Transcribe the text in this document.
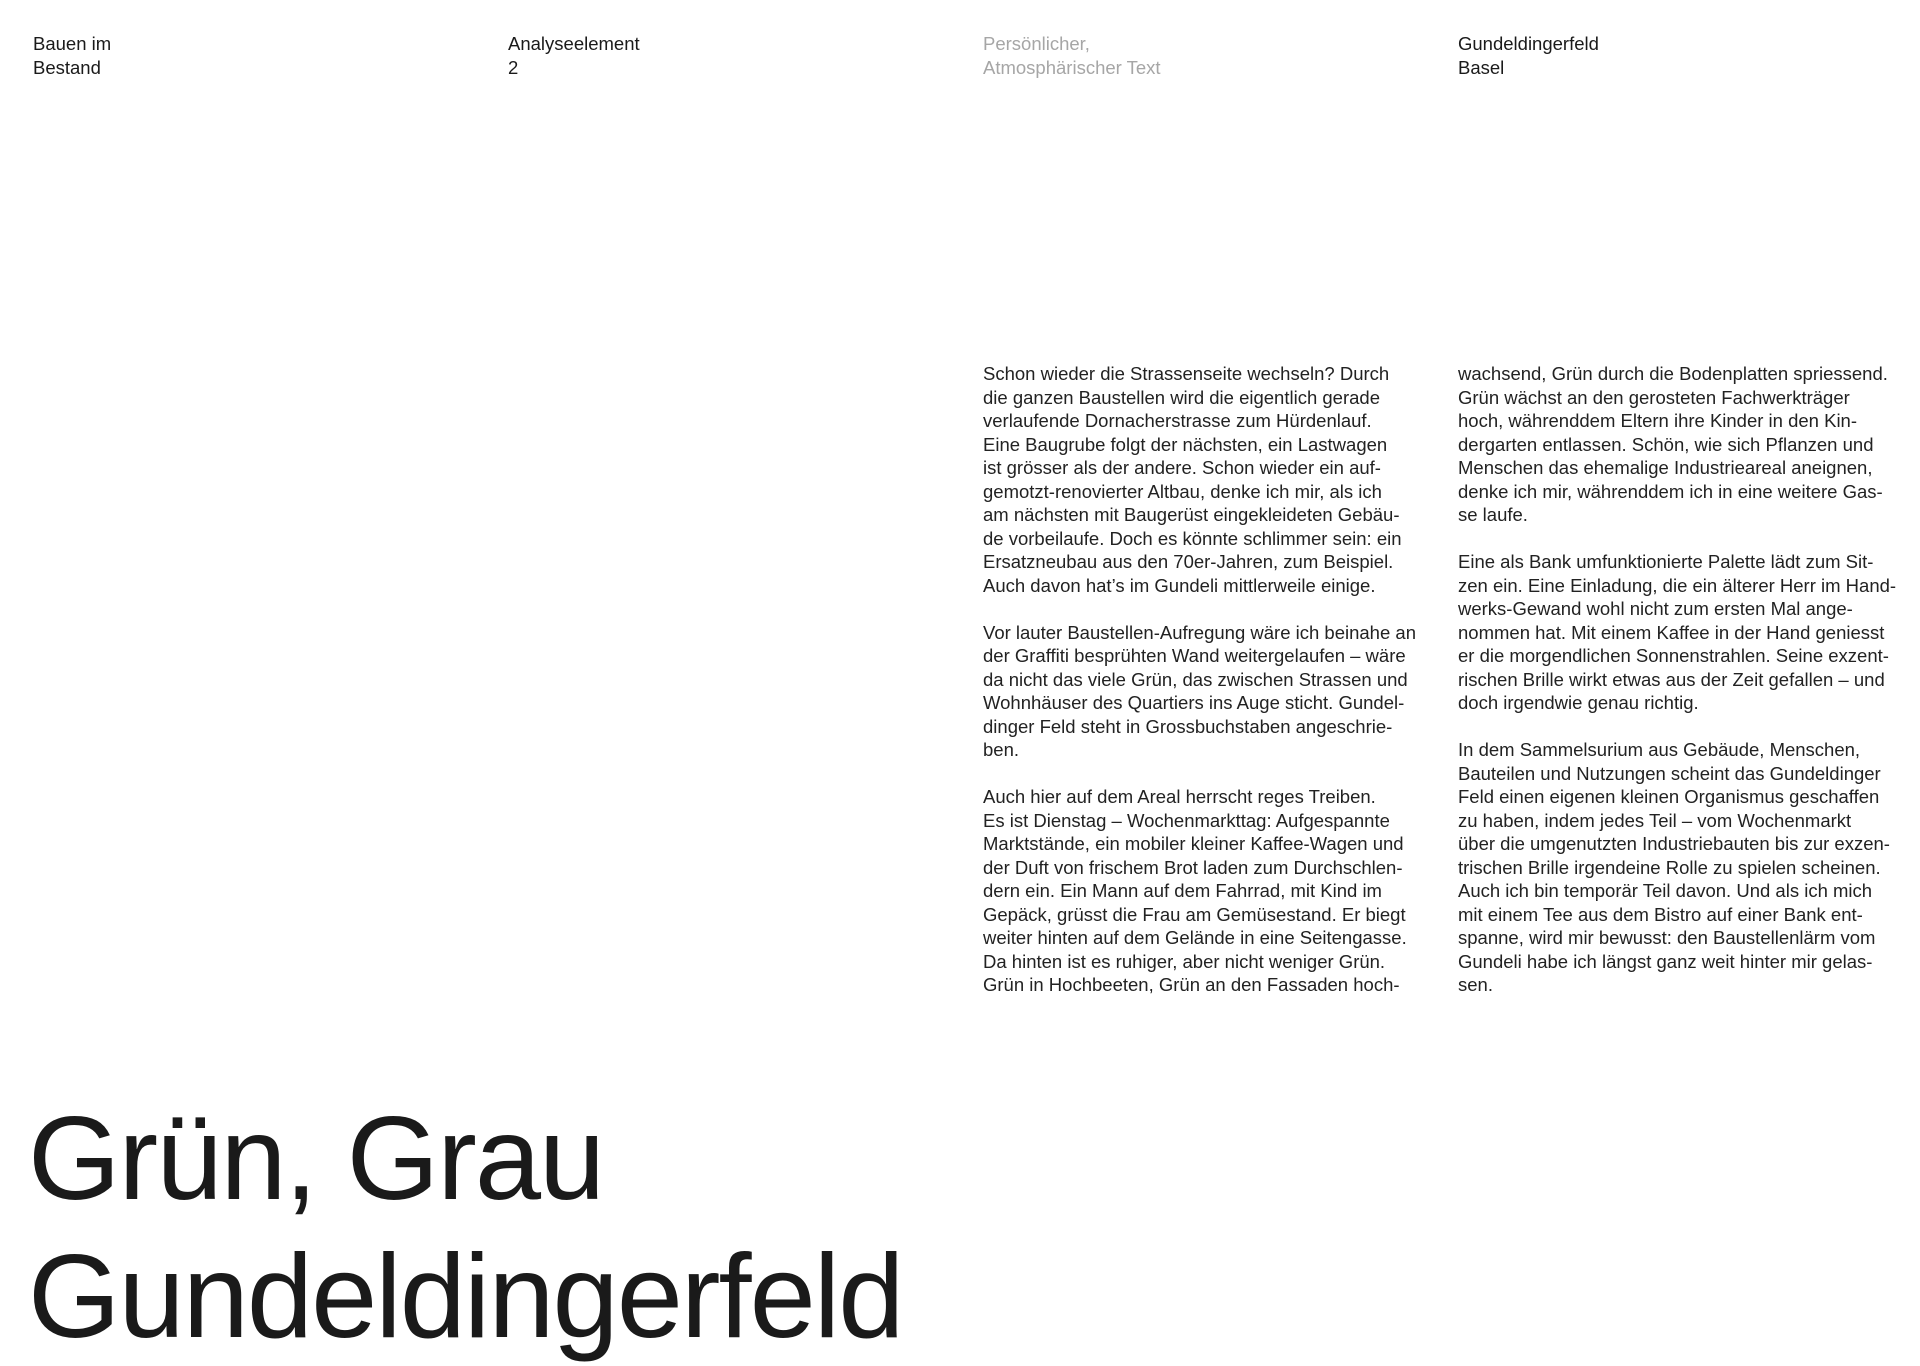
Bauen im
Bestand
Analyseelement
2
Persönlicher,
Atmosphärischer Text
Gundeldingerfeld
Basel

Schon wieder die Strassenseite wechseln? Durch
die ganzen Baustellen wird die eigentlich gerade
verlaufende Dornacherstrasse zum Hürdenlauf.
Eine Baugrube folgt der nächsten, ein Lastwagen
ist grösser als der andere. Schon wieder ein auf-
gemotzt-renovierter Altbau, denke ich mir, als ich
am nächsten mit Baugerüst eingekleideten Gebäu-
de vorbeilaufe. Doch es könnte schlimmer sein: ein
Ersatzneubau aus den 70er-Jahren, zum Beispiel.
Auch davon hat’s im Gundeli mittlerweile einige.

Vor lauter Baustellen-Aufregung wäre ich beinahe an
der Graffiti besprühten Wand weitergelaufen – wäre
da nicht das viele Grün, das zwischen Strassen und
Wohnhäuser des Quartiers ins Auge sticht. Gundel-
dinger Feld steht in Grossbuchstaben angeschrie-
ben.

Auch hier auf dem Areal herrscht reges Treiben.
Es ist Dienstag – Wochenmarkttag: Aufgespannte
Marktstände, ein mobiler kleiner Kaffee-Wagen und
der Duft von frischem Brot laden zum Durchschlen-
dern ein. Ein Mann auf dem Fahrrad, mit Kind im
Gepäck, grüsst die Frau am Gemüsestand. Er biegt
weiter hinten auf dem Gelände in eine Seitengasse.
Da hinten ist es ruhiger, aber nicht weniger Grün.
Grün in Hochbeeten, Grün an den Fassaden hoch-

wachsend, Grün durch die Bodenplatten spriessend.
Grün wächst an den gerosteten Fachwerkträger
hoch, währenddem Eltern ihre Kinder in den Kin-
dergarten entlassen. Schön, wie sich Pflanzen und
Menschen das ehemalige Industrieareal aneignen,
denke ich mir, währenddem ich in eine weitere Gas-
se laufe.

Eine als Bank umfunktionierte Palette lädt zum Sit-
zen ein. Eine Einladung, die ein älterer Herr im Hand-
werks-Gewand wohl nicht zum ersten Mal ange-
nommen hat. Mit einem Kaffee in der Hand geniesst
er die morgendlichen Sonnenstrahlen. Seine exzent-
rischen Brille wirkt etwas aus der Zeit gefallen – und
doch irgendwie genau richtig.

In dem Sammelsurium aus Gebäude, Menschen,
Bauteilen und Nutzungen scheint das Gundeldinger
Feld einen eigenen kleinen Organismus geschaffen
zu haben, indem jedes Teil – vom Wochenmarkt
über die umgenutzten Industriebauten bis zur exzen-
trischen Brille irgendeine Rolle zu spielen scheinen.
Auch ich bin temporär Teil davon. Und als ich mich
mit einem Tee aus dem Bistro auf einer Bank ent-
spanne, wird mir bewusst: den Baustellenlärm vom
Gundeli habe ich längst ganz weit hinter mir gelas-
sen.

Grün, Grau
Gundeldingerfeld
